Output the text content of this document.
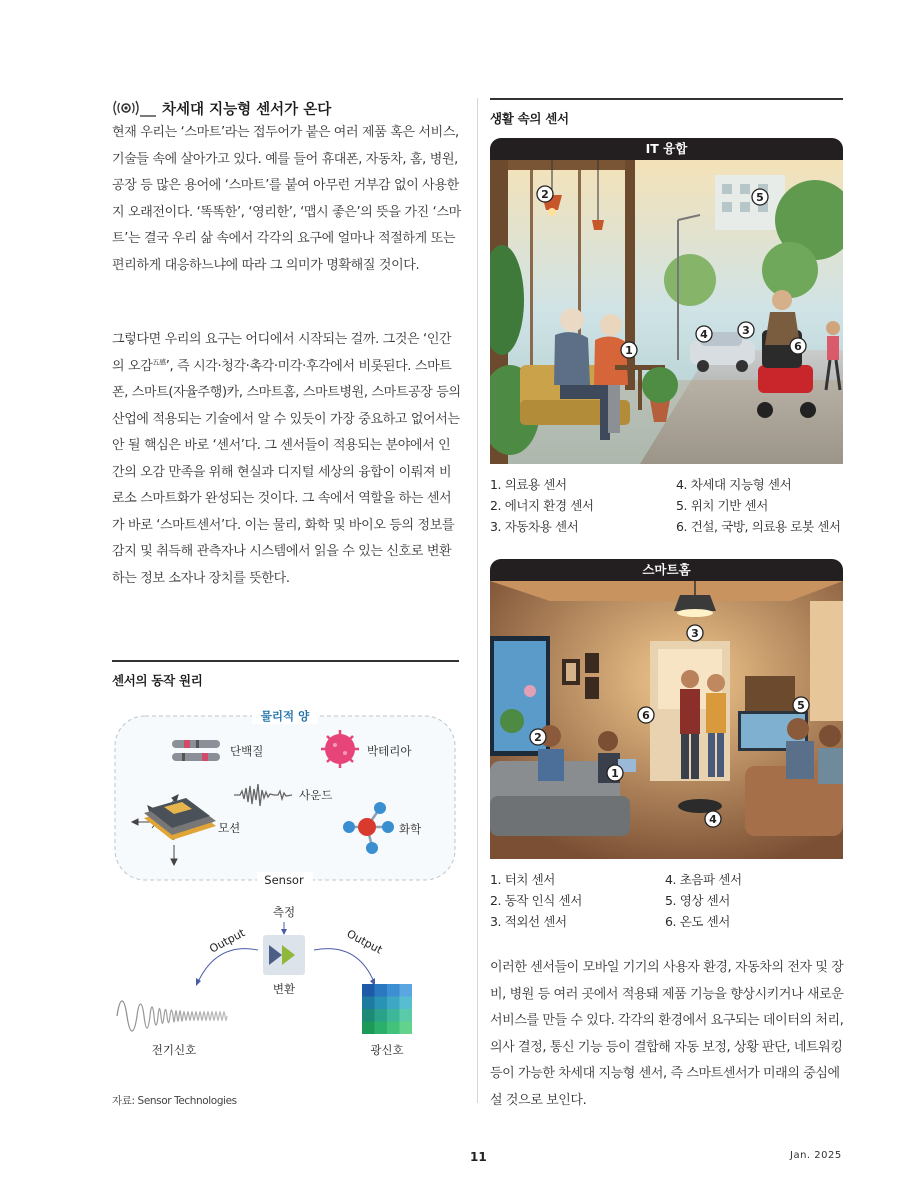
차세대 지능형 센서가 온다

현재 우리는 ‘스마트’라는 접두어가 붙은 여러 제품 혹은 서비스, 기술들 속에 살아가고 있다. 예를 들어 휴대폰, 자동차, 홈, 병원, 공장 등 많은 용어에 ‘스마트’를 붙여 아무런 거부감 없이 사용한 지 오래전이다. ‘똑똑한’, ‘영리한’, ‘맵시 좋은’의 뜻을 가진 ‘스마트’는 결국 우리 삶 속에서 각각의 요구에 얼마나 적절하게 또는 편리하게 대응하느냐에 따라 그 의미가 명확해질 것이다.

그렇다면 우리의 요구는 어디에서 시작되는 걸까. 그것은 ‘인간의 오감$^{五感}$’, 즉 시각·청각·촉각·미각·후각에서 비롯된다. 스마트폰, 스마트(자율주행)카, 스마트홈, 스마트병원, 스마트공장 등의 산업에 적용되는 기술에서 알 수 있듯이 가장 중요하고 없어서는 안 될 핵심은 바로 ‘센서’다. 그 센서들이 적용되는 분야에서 인간의 오감 만족을 위해 현실과 디지털 세상의 융합이 이뤄져 비로소 스마트화가 완성되는 것이다. 그 속에서 역할을 하는 센서가 바로 ‘스마트센서’다. 이는 물리, 화학 및 바이오 등의 정보를 감지 및 취득해 관측자나 시스템에서 읽을 수 있는 신호로 변환하는 정보 소자나 장치를 뜻한다.

센서의 동작 원리
물리적 양
단백질	박테리아
사운드
모션	화학
Sensor
측정
변환
Output	Output
전기신호	광신호
자료: Sensor Technologies
생활 속의 센서
IT 융합
1
2
3
4
5
6
1. 의료용 센서
2. 에너지 환경 센서
3. 자동차용 센서
4. 차세대 지능형 센서
5. 위치 기반 센서
6. 건설, 국방, 의료용 로봇 센서
스마트홈
1
2
3
4
5
6
1. 터치 센서
2. 동작 인식 센서
3. 적외선 센서
4. 초음파 센서
5. 영상 센서
6. 온도 센서

이러한 센서들이 모바일 기기의 사용자 환경, 자동차의 전자 및 장비, 병원 등 여러 곳에서 적용돼 제품 기능을 향상시키거나 새로운 서비스를 만들 수 있다. 각각의 환경에서 요구되는 데이터의 처리, 의사 결정, 통신 기능 등이 결합해 자동 보정, 상황 판단, 네트워킹 등이 가능한 차세대 지능형 센서, 즉 스마트센서가 미래의 중심에 설 것으로 보인다.

11	Jan. 2025
